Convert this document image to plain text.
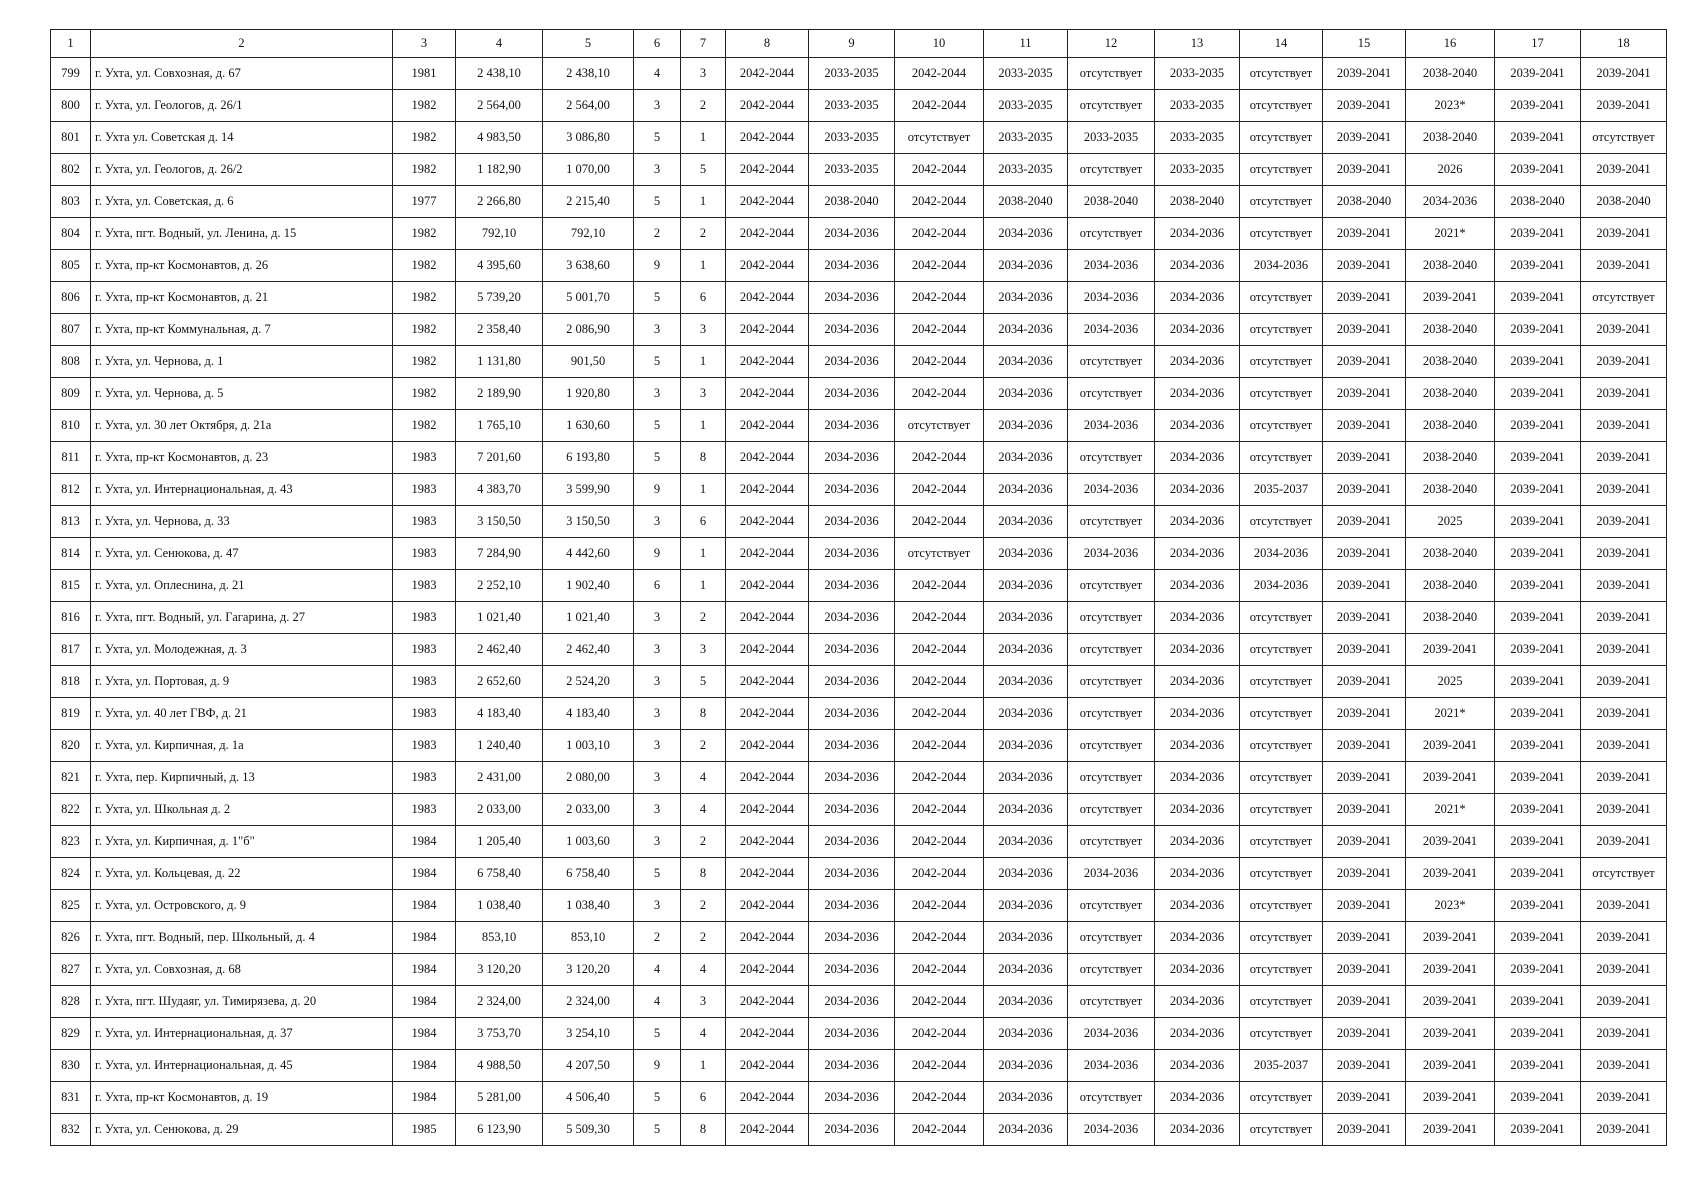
1	2	3	4	5	6	7	8	9	10	11	12	13	14	15	16	17	18
799	г. Ухта, ул. Совхозная, д. 67	1981	2 438,10	2 438,10	4	3	2042-2044	2033-2035	2042-2044	2033-2035	отсутствует	2033-2035	отсутствует	2039-2041	2038-2040	2039-2041	2039-2041
800	г. Ухта, ул. Геологов, д. 26/1	1982	2 564,00	2 564,00	3	2	2042-2044	2033-2035	2042-2044	2033-2035	отсутствует	2033-2035	отсутствует	2039-2041	2023*	2039-2041	2039-2041
801	г. Ухта ул. Советская д. 14	1982	4 983,50	3 086,80	5	1	2042-2044	2033-2035	отсутствует	2033-2035	2033-2035	2033-2035	отсутствует	2039-2041	2038-2040	2039-2041	отсутствует
802	г. Ухта, ул. Геологов, д. 26/2	1982	1 182,90	1 070,00	3	5	2042-2044	2033-2035	2042-2044	2033-2035	отсутствует	2033-2035	отсутствует	2039-2041	2026	2039-2041	2039-2041
803	г. Ухта, ул. Советская, д. 6	1977	2 266,80	2 215,40	5	1	2042-2044	2038-2040	2042-2044	2038-2040	2038-2040	2038-2040	отсутствует	2038-2040	2034-2036	2038-2040	2038-2040
804	г. Ухта, пгт. Водный, ул. Ленина, д. 15	1982	792,10	792,10	2	2	2042-2044	2034-2036	2042-2044	2034-2036	отсутствует	2034-2036	отсутствует	2039-2041	2021*	2039-2041	2039-2041
805	г. Ухта, пр-кт Космонавтов, д. 26	1982	4 395,60	3 638,60	9	1	2042-2044	2034-2036	2042-2044	2034-2036	2034-2036	2034-2036	2034-2036	2039-2041	2038-2040	2039-2041	2039-2041
806	г. Ухта, пр-кт Космонавтов, д. 21	1982	5 739,20	5 001,70	5	6	2042-2044	2034-2036	2042-2044	2034-2036	2034-2036	2034-2036	отсутствует	2039-2041	2039-2041	2039-2041	отсутствует
807	г. Ухта, пр-кт Коммунальная, д. 7	1982	2 358,40	2 086,90	3	3	2042-2044	2034-2036	2042-2044	2034-2036	2034-2036	2034-2036	отсутствует	2039-2041	2038-2040	2039-2041	2039-2041
808	г. Ухта, ул. Чернова, д. 1	1982	1 131,80	901,50	5	1	2042-2044	2034-2036	2042-2044	2034-2036	отсутствует	2034-2036	отсутствует	2039-2041	2038-2040	2039-2041	2039-2041
809	г. Ухта, ул. Чернова, д. 5	1982	2 189,90	1 920,80	3	3	2042-2044	2034-2036	2042-2044	2034-2036	отсутствует	2034-2036	отсутствует	2039-2041	2038-2040	2039-2041	2039-2041
810	г. Ухта, ул. 30 лет Октября, д. 21а	1982	1 765,10	1 630,60	5	1	2042-2044	2034-2036	отсутствует	2034-2036	2034-2036	2034-2036	отсутствует	2039-2041	2038-2040	2039-2041	2039-2041
811	г. Ухта, пр-кт Космонавтов, д. 23	1983	7 201,60	6 193,80	5	8	2042-2044	2034-2036	2042-2044	2034-2036	отсутствует	2034-2036	отсутствует	2039-2041	2038-2040	2039-2041	2039-2041
812	г. Ухта, ул. Интернациональная, д. 43	1983	4 383,70	3 599,90	9	1	2042-2044	2034-2036	2042-2044	2034-2036	2034-2036	2034-2036	2035-2037	2039-2041	2038-2040	2039-2041	2039-2041
813	г. Ухта, ул. Чернова, д. 33	1983	3 150,50	3 150,50	3	6	2042-2044	2034-2036	2042-2044	2034-2036	отсутствует	2034-2036	отсутствует	2039-2041	2025	2039-2041	2039-2041
814	г. Ухта, ул. Сенюкова, д. 47	1983	7 284,90	4 442,60	9	1	2042-2044	2034-2036	отсутствует	2034-2036	2034-2036	2034-2036	2034-2036	2039-2041	2038-2040	2039-2041	2039-2041
815	г. Ухта, ул. Оплеснина, д. 21	1983	2 252,10	1 902,40	6	1	2042-2044	2034-2036	2042-2044	2034-2036	отсутствует	2034-2036	2034-2036	2039-2041	2038-2040	2039-2041	2039-2041
816	г. Ухта, пгт. Водный, ул. Гагарина, д. 27	1983	1 021,40	1 021,40	3	2	2042-2044	2034-2036	2042-2044	2034-2036	отсутствует	2034-2036	отсутствует	2039-2041	2038-2040	2039-2041	2039-2041
817	г. Ухта, ул. Молодежная, д. 3	1983	2 462,40	2 462,40	3	3	2042-2044	2034-2036	2042-2044	2034-2036	отсутствует	2034-2036	отсутствует	2039-2041	2039-2041	2039-2041	2039-2041
818	г. Ухта, ул. Портовая, д. 9	1983	2 652,60	2 524,20	3	5	2042-2044	2034-2036	2042-2044	2034-2036	отсутствует	2034-2036	отсутствует	2039-2041	2025	2039-2041	2039-2041
819	г. Ухта, ул. 40 лет ГВФ, д. 21	1983	4 183,40	4 183,40	3	8	2042-2044	2034-2036	2042-2044	2034-2036	отсутствует	2034-2036	отсутствует	2039-2041	2021*	2039-2041	2039-2041
820	г. Ухта, ул. Кирпичная, д. 1а	1983	1 240,40	1 003,10	3	2	2042-2044	2034-2036	2042-2044	2034-2036	отсутствует	2034-2036	отсутствует	2039-2041	2039-2041	2039-2041	2039-2041
821	г. Ухта, пер. Кирпичный, д. 13	1983	2 431,00	2 080,00	3	4	2042-2044	2034-2036	2042-2044	2034-2036	отсутствует	2034-2036	отсутствует	2039-2041	2039-2041	2039-2041	2039-2041
822	г. Ухта, ул. Школьная д. 2	1983	2 033,00	2 033,00	3	4	2042-2044	2034-2036	2042-2044	2034-2036	отсутствует	2034-2036	отсутствует	2039-2041	2021*	2039-2041	2039-2041
823	г. Ухта, ул. Кирпичная, д. 1"б"	1984	1 205,40	1 003,60	3	2	2042-2044	2034-2036	2042-2044	2034-2036	отсутствует	2034-2036	отсутствует	2039-2041	2039-2041	2039-2041	2039-2041
824	г. Ухта, ул. Кольцевая, д. 22	1984	6 758,40	6 758,40	5	8	2042-2044	2034-2036	2042-2044	2034-2036	2034-2036	2034-2036	отсутствует	2039-2041	2039-2041	2039-2041	отсутствует
825	г. Ухта, ул. Островского, д. 9	1984	1 038,40	1 038,40	3	2	2042-2044	2034-2036	2042-2044	2034-2036	отсутствует	2034-2036	отсутствует	2039-2041	2023*	2039-2041	2039-2041
826	г. Ухта, пгт. Водный, пер. Школьный, д. 4	1984	853,10	853,10	2	2	2042-2044	2034-2036	2042-2044	2034-2036	отсутствует	2034-2036	отсутствует	2039-2041	2039-2041	2039-2041	2039-2041
827	г. Ухта, ул. Совхозная, д. 68	1984	3 120,20	3 120,20	4	4	2042-2044	2034-2036	2042-2044	2034-2036	отсутствует	2034-2036	отсутствует	2039-2041	2039-2041	2039-2041	2039-2041
828	г. Ухта, пгт. Шудаяг, ул. Тимирязева, д. 20	1984	2 324,00	2 324,00	4	3	2042-2044	2034-2036	2042-2044	2034-2036	отсутствует	2034-2036	отсутствует	2039-2041	2039-2041	2039-2041	2039-2041
829	г. Ухта, ул. Интернациональная, д. 37	1984	3 753,70	3 254,10	5	4	2042-2044	2034-2036	2042-2044	2034-2036	2034-2036	2034-2036	отсутствует	2039-2041	2039-2041	2039-2041	2039-2041
830	г. Ухта, ул. Интернациональная, д. 45	1984	4 988,50	4 207,50	9	1	2042-2044	2034-2036	2042-2044	2034-2036	2034-2036	2034-2036	2035-2037	2039-2041	2039-2041	2039-2041	2039-2041
831	г. Ухта, пр-кт Космонавтов, д. 19	1984	5 281,00	4 506,40	5	6	2042-2044	2034-2036	2042-2044	2034-2036	отсутствует	2034-2036	отсутствует	2039-2041	2039-2041	2039-2041	2039-2041
832	г. Ухта, ул. Сенюкова, д. 29	1985	6 123,90	5 509,30	5	8	2042-2044	2034-2036	2042-2044	2034-2036	2034-2036	2034-2036	отсутствует	2039-2041	2039-2041	2039-2041	2039-2041
